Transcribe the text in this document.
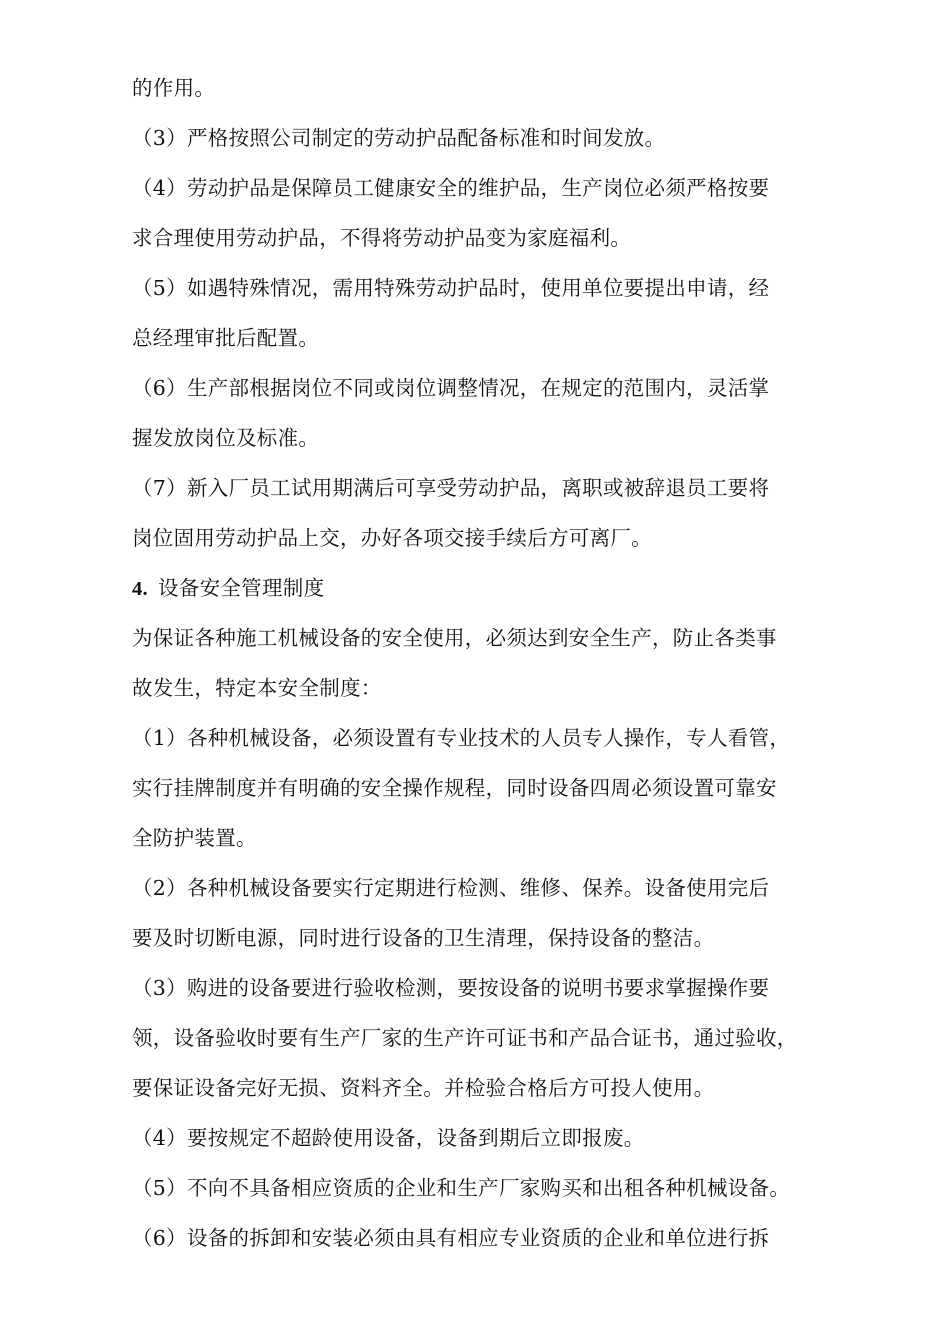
的作用。
（3）严格按照公司制定的劳动护品配备标准和时间发放。
（4）劳动护品是保障员工健康安全的维护品，生产岗位必须严格按要
求合理使用劳动护品，不得将劳动护品变为家庭福利。
（5）如遇特殊情况，需用特殊劳动护品时，使用单位要提出申请，经
总经理审批后配置。
（6）生产部根据岗位不同或岗位调整情况，在规定的范围内，灵活掌
握发放岗位及标准。
（7）新入厂员工试用期满后可享受劳动护品，离职或被辞退员工要将
岗位固用劳动护品上交，办好各项交接手续后方可离厂。
4. 设备安全管理制度
为保证各种施工机械设备的安全使用，必须达到安全生产，防止各类事
故发生，特定本安全制度：
（1）各种机械设备，必须设置有专业技术的人员专人操作，专人看管，
实行挂牌制度并有明确的安全操作规程，同时设备四周必须设置可靠安
全防护装置。
（2）各种机械设备要实行定期进行检测、维修、保养。设备使用完后
要及时切断电源，同时进行设备的卫生清理，保持设备的整洁。
（3）购进的设备要进行验收检测，要按设备的说明书要求掌握操作要
领，设备验收时要有生产厂家的生产许可证书和产品合证书，通过验收，
要保证设备完好无损、资料齐全。并检验合格后方可投人使用。
（4）要按规定不超龄使用设备，设备到期后立即报废。
（5）不向不具备相应资质的企业和生产厂家购买和出租各种机械设备。
（6）设备的拆卸和安装必须由具有相应专业资质的企业和单位进行拆
